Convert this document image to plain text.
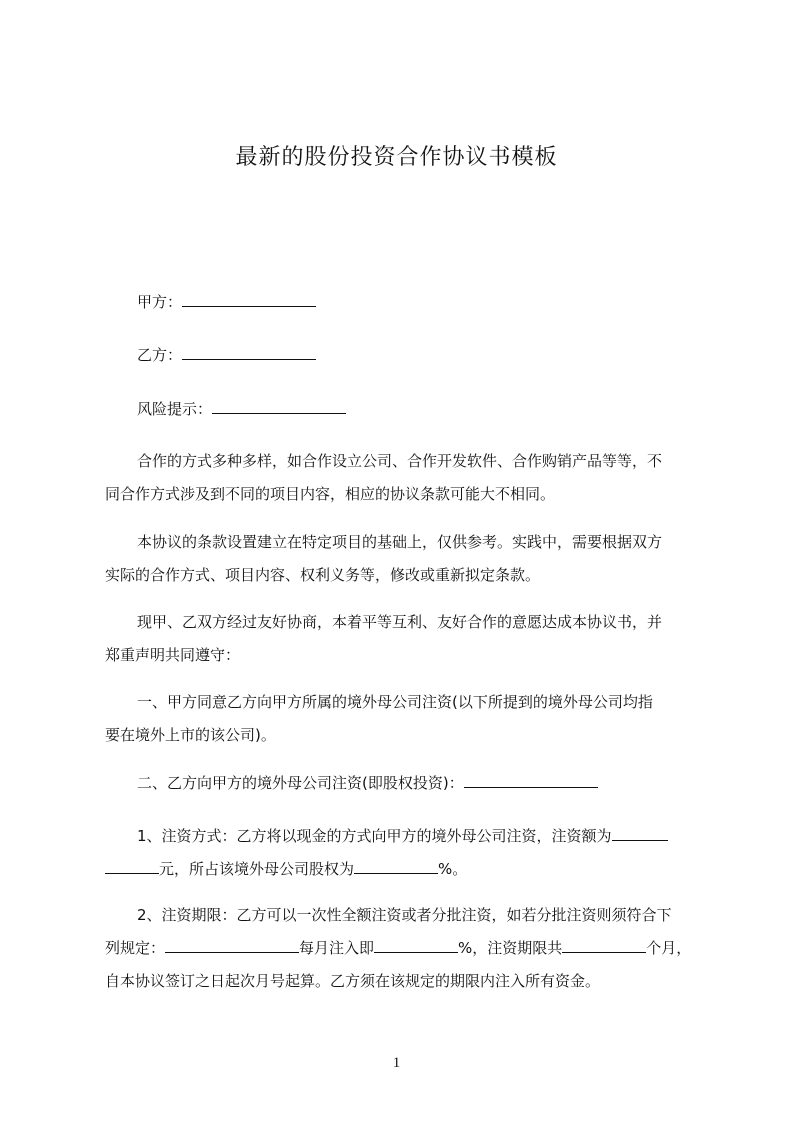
最新的股份投资合作协议书模板
甲方：
乙方：
风险提示：

合作的方式多种多样，如合作设立公司、合作开发软件、合作购销产品等等，不

同合作方式涉及到不同的项目内容，相应的协议条款可能大不相同。

本协议的条款设置建立在特定项目的基础上，仅供参考。实践中，需要根据双方

实际的合作方式、项目内容、权利义务等，修改或重新拟定条款。

现甲、乙双方经过友好协商，本着平等互利、友好合作的意愿达成本协议书，并

郑重声明共同遵守：

一、甲方同意乙方向甲方所属的境外母公司注资(以下所提到的境外母公司均指

要在境外上市的该公司)。

二、乙方向甲方的境外母公司注资(即股权投资)：

1、注资方式：乙方将以现金的方式向甲方的境外母公司注资，注资额为

元，所占该境外母公司股权为	%。

2、注资期限：乙方可以一次性全额注资或者分批注资，如若分批注资则须符合下

列规定：	每月注入即	%，注资期限共	个月，

自本协议签订之日起次月号起算。乙方须在该规定的期限内注入所有资金。

1
